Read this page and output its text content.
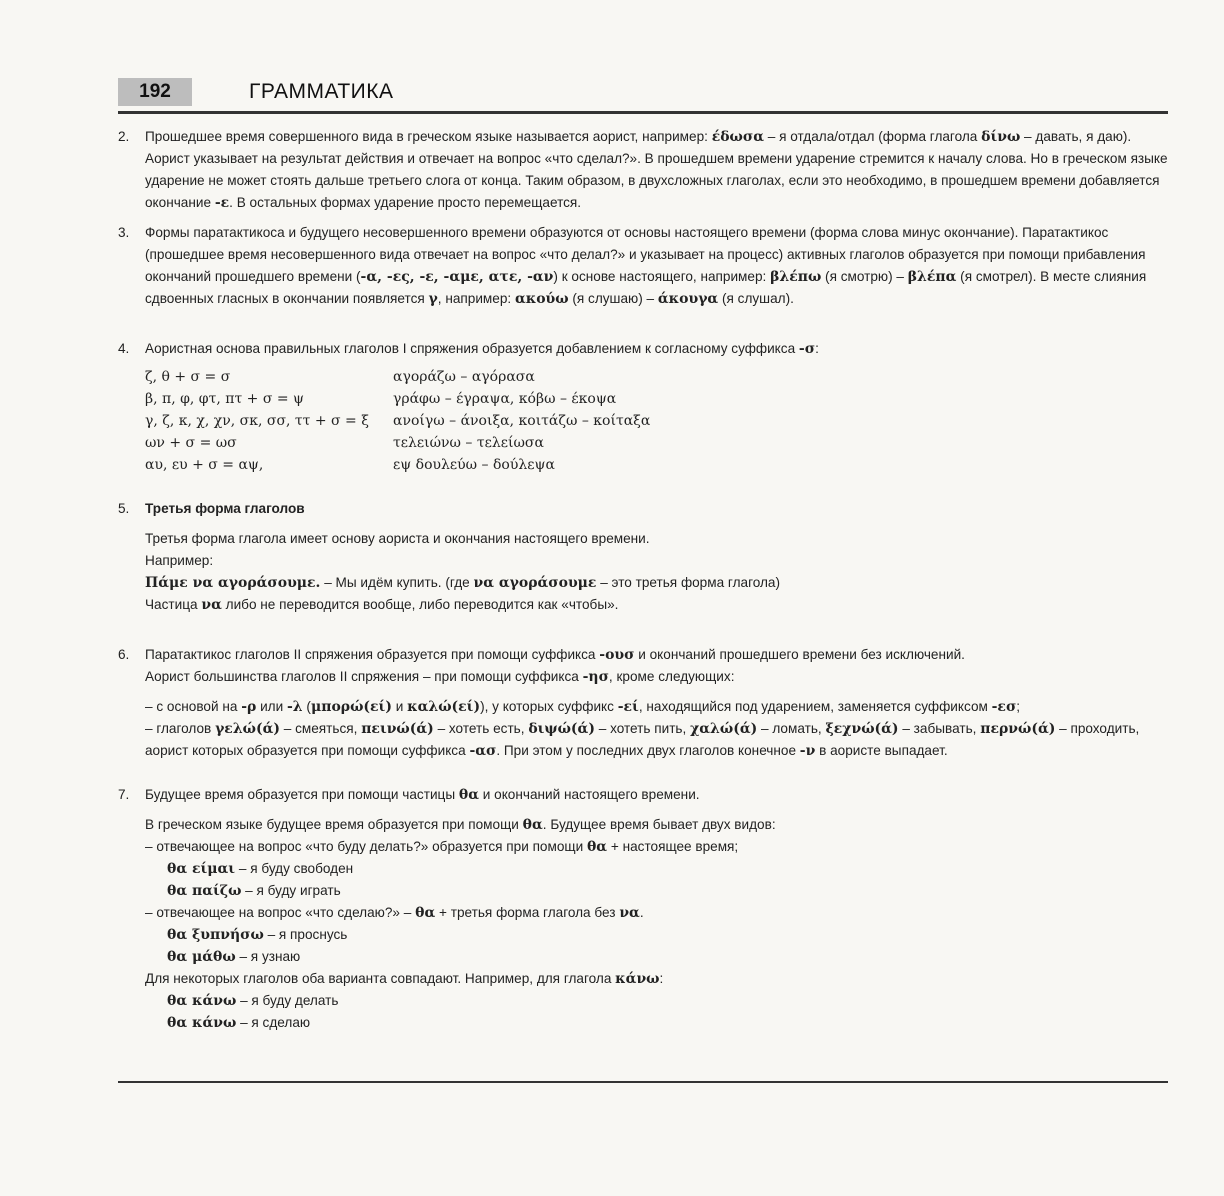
192	ГРАММАТИКА
2. Прошедшее время совершенного вида в греческом языке называется аорист, например: έδωσα – я отдала/отдал (форма глагола δίνω – давать, я даю). Аорист указывает на результат действия и отвечает на вопрос «что сделал?». В прошедшем времени ударение стремится к началу слова. Но в греческом языке ударение не может стоять дальше третьего слога от конца. Таким образом, в двухсложных глаголах, если это необходимо, в прошедшем времени добавляется окончание -ε. В остальных формах ударение просто перемещается.

3. Формы паратактикоса и будущего несовершенного времени образуются от основы настоящего времени (форма слова минус окончание). Паратактикос (прошедшее время несовершенного вида отвечает на вопрос «что делал?» и указывает на процесс) активных глаголов образуется при помощи прибавления окончаний прошедшего времени (-α, -ες, -ε, -αμε, ατε, -αν) к основе настоящего, например: βλέπω (я смотрю) – βλέπα (я смотрел). В месте слияния сдвоенных гласных в окончании появляется γ, например: ακούω (я слушаю) – άκουγα (я слушал).

4. Аористная основа правильных глаголов I спряжения образуется добавлением к согласному суффикса -σ:

ζ, θ + σ = σ	αγοράζω – αγόρασα
β, π, φ, φτ, πτ + σ = ψ	γράφω – έγραψα, κόβω – έκοψα
γ, ζ, κ, χ, χν, σκ, σσ, ττ + σ = ξ	ανοίγω – άνοιξα, κοιτάζω – κοίταξα
ων + σ = ωσ	τελειώνω – τελείωσα
αυ, ευ + σ = αψ,	εψ δουλεύω – δούλεψα
5. Третья форма глаголов

Третья форма глагола имеет основу аориста и окончания настоящего времени.

Например:

Πάμε να αγοράσουμε. – Мы идём купить. (где να αγοράσουμε – это третья форма глагола)

Частица να либо не переводится вообще, либо переводится как «чтобы».

6. Паратактикос глаголов II спряжения образуется при помощи суффикса -ουσ и окончаний прошедшего времени без исключений.

Аорист большинства глаголов II спряжения – при помощи суффикса -ησ, кроме следующих:

– с основой на -ρ или -λ (μπορώ(εί) и καλώ(εί)), у которых суффикс -εί, находящийся под ударением, заменяется суффиксом -εσ;

– глаголов γελώ(ά) – смеяться, πεινώ(ά) – хотеть есть, διψώ(ά) – хотеть пить, χαλώ(ά) – ломать, ξεχνώ(ά) – забывать, περνώ(ά) – проходить, аорист которых образуется при помощи суффикса -ασ. При этом у последних двух глаголов конечное -ν в аористе выпадает.

7. Будущее время образуется при помощи частицы θα и окончаний настоящего времени.

В греческом языке будущее время образуется при помощи θα. Будущее время бывает двух видов:

– отвечающее на вопрос «что буду делать?» образуется при помощи θα + настоящее время;

θα είμαι – я буду свободен

θα παίζω – я буду играть

– отвечающее на вопрос «что сделаю?» – θα + третья форма глагола без να.

θα ξυπνήσω – я проснусь

θα μάθω – я узнаю

Для некоторых глаголов оба варианта совпадают. Например, для глагола κάνω:

θα κάνω – я буду делать

θα κάνω – я сделаю
